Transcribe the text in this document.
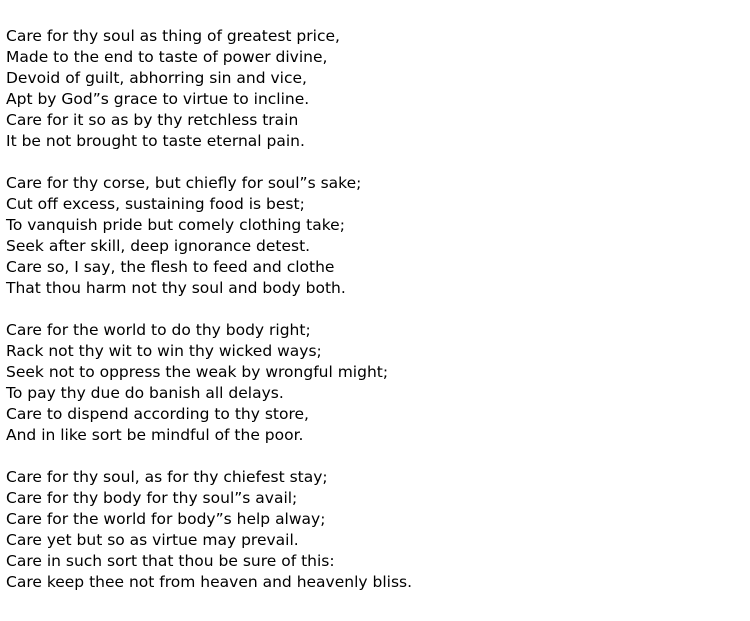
Care for thy soul as thing of greatest price,
Made to the end to taste of power divine,
Devoid of guilt, abhorring sin and vice,
Apt by God”s grace to virtue to incline.
Care for it so as by thy retchless train
It be not brought to taste eternal pain.
Care for thy corse, but chiefly for soul”s sake;
Cut off excess, sustaining food is best;
To vanquish pride but comely clothing take;
Seek after skill, deep ignorance detest.
Care so, I say, the flesh to feed and clothe
That thou harm not thy soul and body both.
Care for the world to do thy body right;
Rack not thy wit to win thy wicked ways;
Seek not to oppress the weak by wrongful might;
To pay thy due do banish all delays.
Care to dispend according to thy store,
And in like sort be mindful of the poor.
Care for thy soul, as for thy chiefest stay;
Care for thy body for thy soul”s avail;
Care for the world for body”s help alway;
Care yet but so as virtue may prevail.
Care in such sort that thou be sure of this:
Care keep thee not from heaven and heavenly bliss.
